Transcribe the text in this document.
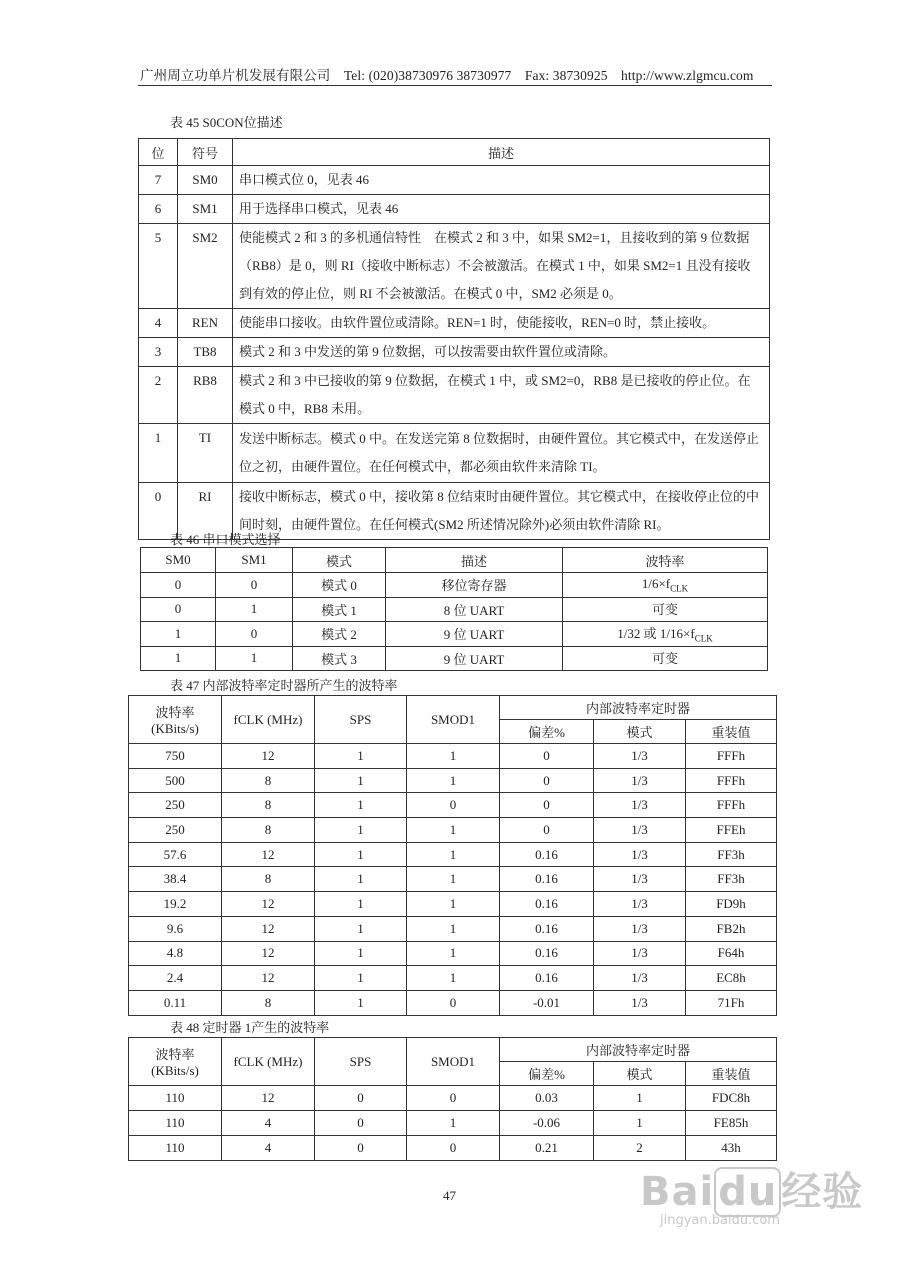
广州周立功单片机发展有限公司 Tel: (020)38730976 38730977 Fax: 38730925 http://www.zlgmcu.com
表 45 S0CON位描述
位	符号	描述
7	SM0	串口模式位 0，见表 46
6	SM1	用于选择串口模式，见表 46
5	SM2	使能模式 2 和 3 的多机通信特性　在模式 2 和 3 中，如果 SM2=1，且接收到的第 9 位数据（RB8）是 0，则 RI（接收中断标志）不会被激活。在模式 1 中，如果 SM2=1 且没有接收到有效的停止位，则 RI 不会被激活。在模式 0 中，SM2 必须是 0。
4	REN	使能串口接收。由软件置位或清除。REN=1 时，使能接收，REN=0 时，禁止接收。
3	TB8	模式 2 和 3 中发送的第 9 位数据，可以按需要由软件置位或清除。
2	RB8	模式 2 和 3 中已接收的第 9 位数据，在模式 1 中，或 SM2=0，RB8 是已接收的停止位。在模式 0 中，RB8 未用。
1	TI	发送中断标志。模式 0 中。在发送完第 8 位数据时，由硬件置位。其它模式中，在发送停止位之初，由硬件置位。在任何模式中，都必须由软件来清除 TI。
0	RI	接收中断标志，模式 0 中，接收第 8 位结束时由硬件置位。其它模式中，在接收停止位的中间时刻，由硬件置位。在任何模式(SM2 所述情况除外)必须由软件清除 RI。
表 46 串口模式选择
SM0	SM1	模式	描述	波特率
0	0	模式 0	移位寄存器	$1/6\times f_{CLK}$
0	1	模式 1	8 位 UART	可变
1	0	模式 2	9 位 UART	1/32 或 $1/16\times f_{CLK}$
1	1	模式 3	9 位 UART	可变
表 47 内部波特率定时器所产生的波特率
波特率
(KBits/s)	fCLK (MHz)	SPS	SMOD1	内部波特率定时器		
				偏差%	模式	重装值
750	12	1	1	0	1/3	FFFh
500	8	1	1	0	1/3	FFFh
250	8	1	0	0	1/3	FFFh
250	8	1	1	0	1/3	FFEh
57.6	12	1	1	0.16	1/3	FF3h
38.4	8	1	1	0.16	1/3	FF3h
19.2	12	1	1	0.16	1/3	FD9h
9.6	12	1	1	0.16	1/3	FB2h
4.8	12	1	1	0.16	1/3	F64h
2.4	12	1	1	0.16	1/3	EC8h
0.11	8	1	0	-0.01	1/3	71Fh
表 48 定时器 1产生的波特率
波特率
(KBits/s)	fCLK (MHz)	SPS	SMOD1	内部波特率定时器		
				偏差%	模式	重装值
110	12	0	0	0.03	1	FDC8h
110	4	0	1	-0.06	1	FE85h
110	4	0	0	0.21	2	43h
47	Bai du 经验
jingyan.baidu.com
